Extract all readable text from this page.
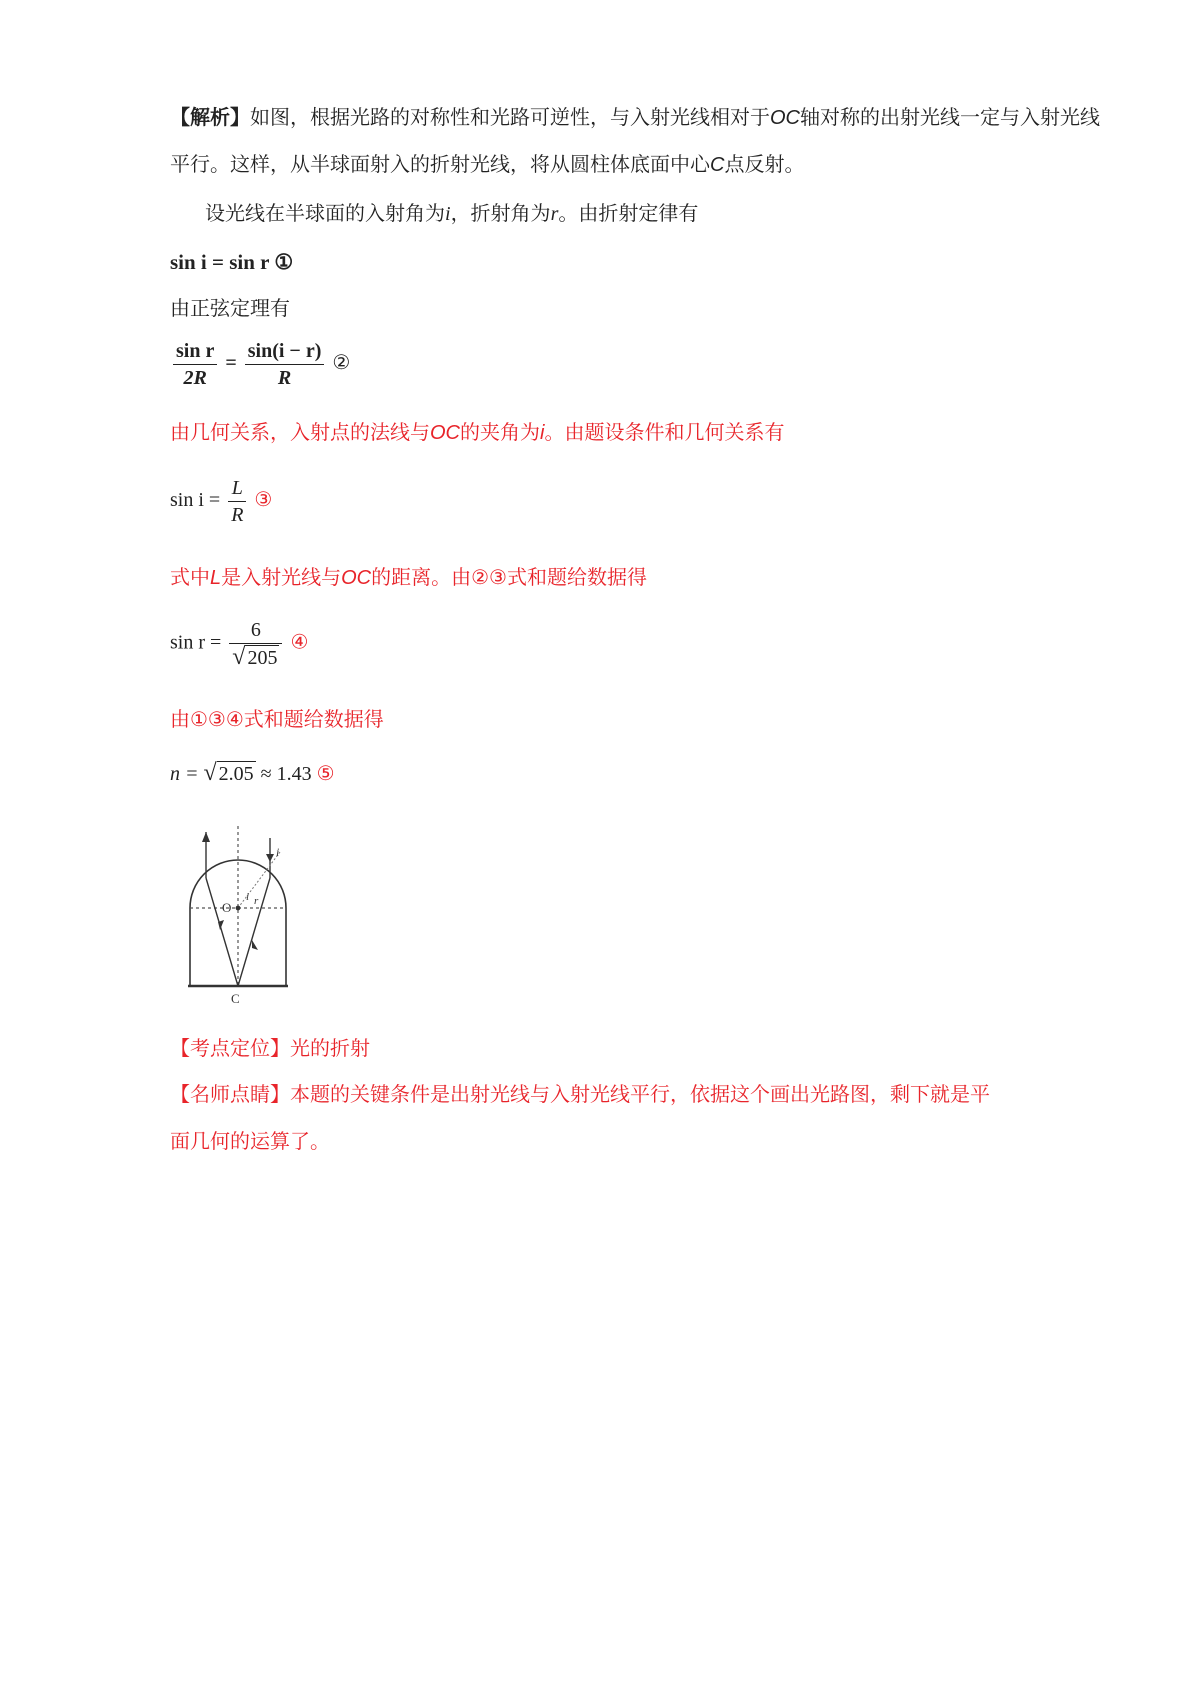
【解析】如图，根据光路的对称性和光路可逆性，与入射光线相对于OC轴对称的出射光线一定与入射光线
平行。这样，从半球面射入的折射光线，将从圆柱体底面中心C点反射。
设光线在半球面的入射角为i，折射角为r。由折射定律有
sin i = sin r ①
由正弦定理有
$\frac{\text{sin r}}{2R} = \frac{\sin(i - r)}{R}$ ②
由几何关系，入射点的法线与OC的夹角为i。由题设条件和几何关系有
$\sin i = \frac{L}{R}$ ③
式中L是入射光线与OC的距离。由②③式和题给数据得
$\sin r = \frac{6}{√ 205}$ ④
由①③④式和题给数据得
n = √ 2.05 ≈ 1.43 ⑤
O
C
i
i r
【考点定位】光的折射
【名师点睛】本题的关键条件是出射光线与入射光线平行，依据这个画出光路图，剩下就是平
面几何的运算了。
